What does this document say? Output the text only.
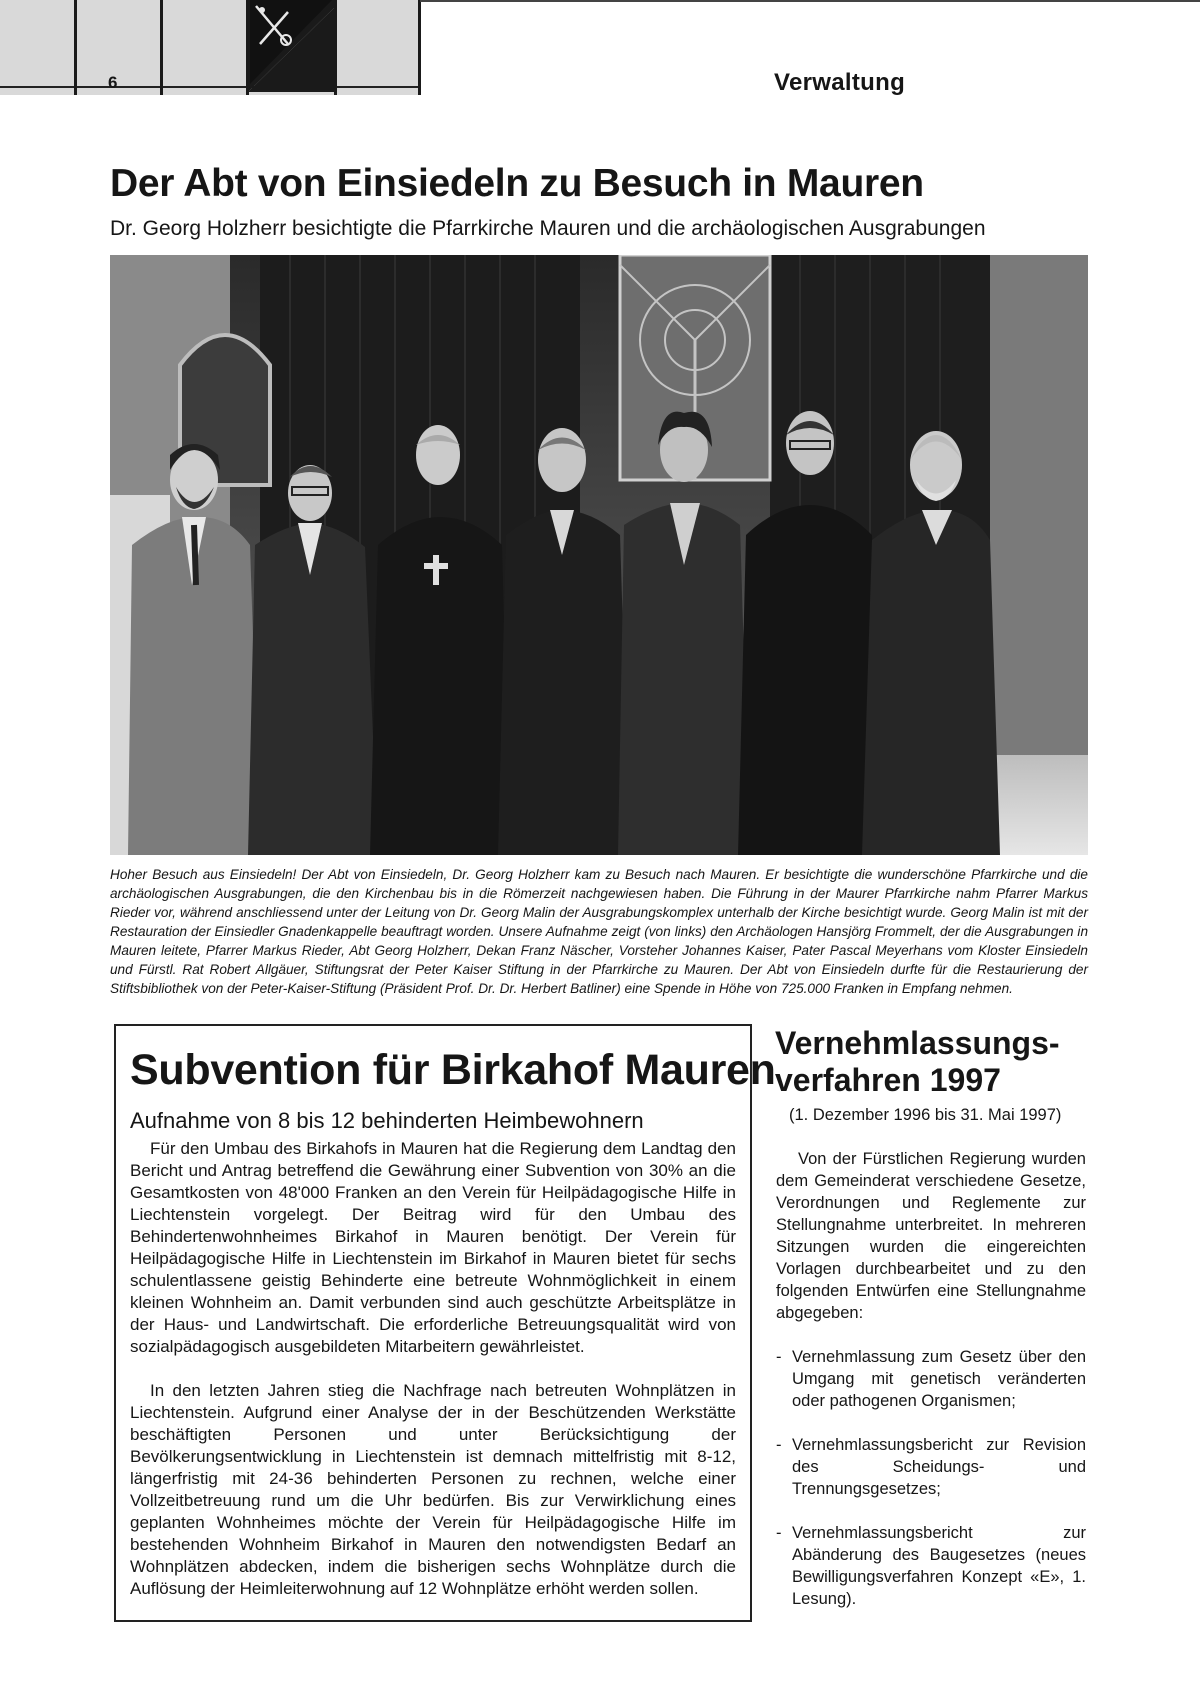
6	Verwaltung
Der Abt von Einsiedeln zu Besuch in Mauren
Dr. Georg Holzherr besichtigte die Pfarrkirche Mauren und die archäologischen Ausgrabungen

Hoher Besuch aus Einsiedeln! Der Abt von Einsiedeln, Dr. Georg Holzherr kam zu Besuch nach Mauren. Er besichtigte die wunderschöne Pfarrkirche und die archäologischen Ausgrabungen, die den Kirchenbau bis in die Römerzeit nachgewiesen haben. Die Führung in der Maurer Pfarrkirche nahm Pfarrer Markus Rieder vor, während anschliessend unter der Leitung von Dr. Georg Malin der Ausgrabungskomplex unterhalb der Kirche besichtigt wurde. Georg Malin ist mit der Restauration der Einsiedler Gnadenkappelle beauftragt worden. Unsere Aufnahme zeigt (von links) den Archäologen Hansjörg Frommelt, der die Ausgrabungen in Mauren leitete, Pfarrer Markus Rieder, Abt Georg Holzherr, Dekan Franz Näscher, Vorsteher Johannes Kaiser, Pater Pascal Meyerhans vom Kloster Einsiedeln und Fürstl. Rat Robert Allgäuer, Stiftungsrat der Peter Kaiser Stiftung in der Pfarrkirche zu Mauren. Der Abt von Einsiedeln durfte für die Restaurierung der Stiftsbibliothek von der Peter-Kaiser-Stiftung (Präsident Prof. Dr. Dr. Herbert Batliner) eine Spende in Höhe von 725.000 Franken in Empfang nehmen.

Subvention für Birkahof Mauren
Aufnahme von 8 bis 12 behinderten Heimbewohnern

Für den Umbau des Birkahofs in Mauren hat die Regierung dem Landtag den Bericht und Antrag betreffend die Gewährung einer Subvention von 30% an die Gesamtkosten von 48'000 Franken an den Verein für Heilpädagogische Hilfe in Liechtenstein vorgelegt. Der Beitrag wird für den Umbau des Behindertenwohnheimes Birkahof in Mauren benötigt. Der Verein für Heilpädagogische Hilfe in Liechtenstein im Birkahof in Mauren bietet für sechs schulentlassene geistig Behinderte eine betreute Wohnmöglichkeit in einem kleinen Wohnheim an. Damit verbunden sind auch geschützte Arbeitsplätze in der Haus- und Landwirtschaft. Die erforderliche Betreuungsqualität wird von sozialpädagogisch ausgebildeten Mitarbeitern gewährleistet.

In den letzten Jahren stieg die Nachfrage nach betreuten Wohnplätzen in Liechtenstein. Aufgrund einer Analyse der in der Beschützenden Werkstätte beschäftigten Personen und unter Berücksichtigung der Bevölkerungsentwicklung in Liechtenstein ist demnach mittelfristig mit 8-12, längerfristig mit 24-36 behinderten Personen zu rechnen, welche einer Vollzeitbetreuung rund um die Uhr bedürfen. Bis zur Verwirklichung eines geplanten Wohnheimes möchte der Verein für Heilpädagogische Hilfe im bestehenden Wohnheim Birkahof in Mauren den notwendigsten Bedarf an Wohnplätzen abdecken, indem die bisherigen sechs Wohnplätze durch die Auflösung der Heimleiterwohnung auf 12 Wohnplätze erhöht werden sollen.

Vernehmlassungs-verfahren 1997
(1. Dezember 1996 bis 31. Mai 1997)

Von der Fürstlichen Regierung wurden dem Gemeinderat verschiedene Gesetze, Verordnungen und Reglemente zur Stellungnahme unterbreitet. In mehreren Sitzungen wurden die eingereichten Vorlagen durchbearbeitet und zu den folgenden Entwürfen eine Stellungnahme abgegeben:

- Vernehmlassung zum Gesetz über den Umgang mit genetisch veränderten oder pathogenen Organismen;
- Vernehmlassungsbericht zur Revision des Scheidungs- und Trennungsgesetzes;
- Vernehmlassungsbericht zur Abänderung des Baugesetzes (neues Bewilligungsverfahren Konzept «E», 1. Lesung).
